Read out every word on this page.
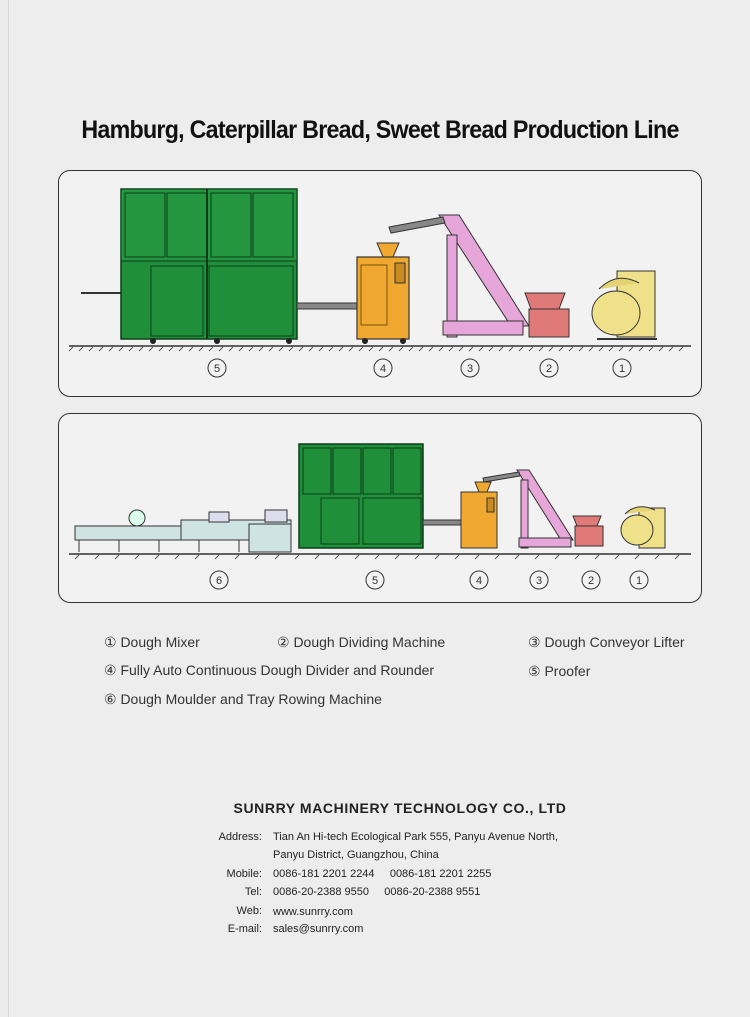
Hamburg, Caterpillar Bread, Sweet Bread Production Line
5	4	3	2	1
6	5	4	3	2	1
① Dough Mixer	② Dough Dividing Machine	③ Dough Conveyor Lifter
④ Fully Auto Continuous Dough Divider and Rounder	⑤ Proofer
⑥ Dough Moulder and Tray Rowing Machine
SUNRRY MACHINERY TECHNOLOGY CO., LTD
Address: Tian An Hi-tech Ecological Park 555, Panyu Avenue North,
Panyu District, Guangzhou, China
Mobile: 0086-181 2201 2244     0086-181 2201 2255
Tel: 0086-20-2388 9550     0086-20-2388 9551
Web: www.sunrry.com
E-mail: sales@sunrry.com
